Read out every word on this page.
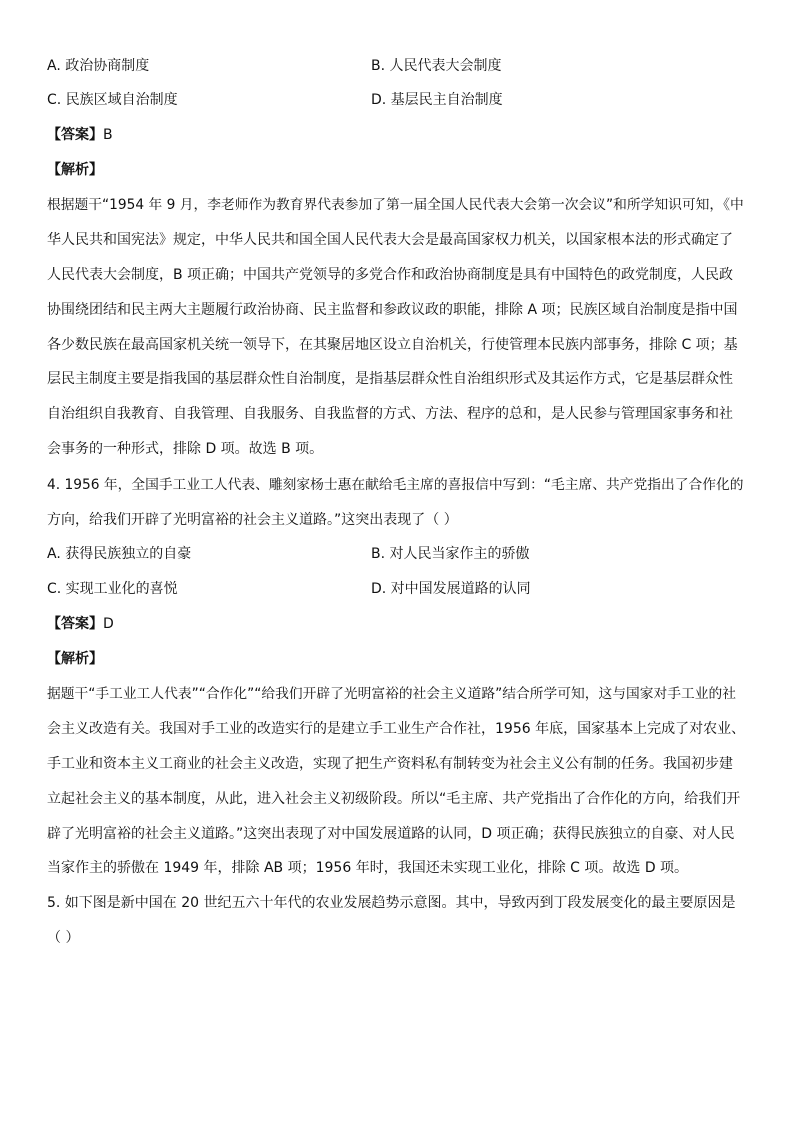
A. 政治协商制度	B. 人民代表大会制度
C. 民族区域自治制度	D. 基层民主自治制度
【答案】B
【解析】
根据题干“1954 年 9 月，李老师作为教育界代表参加了第一届全国人民代表大会第一次会议”和所学知识可知，《中
华人民共和国宪法》规定，中华人民共和国全国人民代表大会是最高国家权力机关，以国家根本法的形式确定了
人民代表大会制度，B 项正确；中国共产党领导的多党合作和政治协商制度是具有中国特色的政党制度，人民政
协围绕团结和民主两大主题履行政治协商、民主监督和参政议政的职能，排除 A 项；民族区域自治制度是指中国
各少数民族在最高国家机关统一领导下，在其聚居地区设立自治机关，行使管理本民族内部事务，排除 C 项；基
层民主制度主要是指我国的基层群众性自治制度，是指基层群众性自治组织形式及其运作方式，它是基层群众性
自治组织自我教育、自我管理、自我服务、自我监督的方式、方法、程序的总和，是人民参与管理国家事务和社
会事务的一种形式，排除 D 项。故选 B 项。
4. 1956 年，全国手工业工人代表、雕刻家杨士惠在献给毛主席的喜报信中写到：“毛主席、共产党指出了合作化的
方向，给我们开辟了光明富裕的社会主义道路。”这突出表现了（ ）
A. 获得民族独立的自豪	B. 对人民当家作主的骄傲
C. 实现工业化的喜悦	D. 对中国发展道路的认同
【答案】D
【解析】
据题干“手工业工人代表”“合作化”“给我们开辟了光明富裕的社会主义道路”结合所学可知，这与国家对手工业的社
会主义改造有关。我国对手工业的改造实行的是建立手工业生产合作社，1956 年底，国家基本上完成了对农业、
手工业和资本主义工商业的社会主义改造，实现了把生产资料私有制转变为社会主义公有制的任务。我国初步建
立起社会主义的基本制度，从此，进入社会主义初级阶段。所以“毛主席、共产党指出了合作化的方向，给我们开
辟了光明富裕的社会主义道路。”这突出表现了对中国发展道路的认同，D 项正确；获得民族独立的自豪、对人民
当家作主的骄傲在 1949 年，排除 AB 项；1956 年时，我国还未实现工业化，排除 C 项。故选 D 项。
5. 如下图是新中国在 20 世纪五六十年代的农业发展趋势示意图。其中，导致丙到丁段发展变化的最主要原因是
（ ）
